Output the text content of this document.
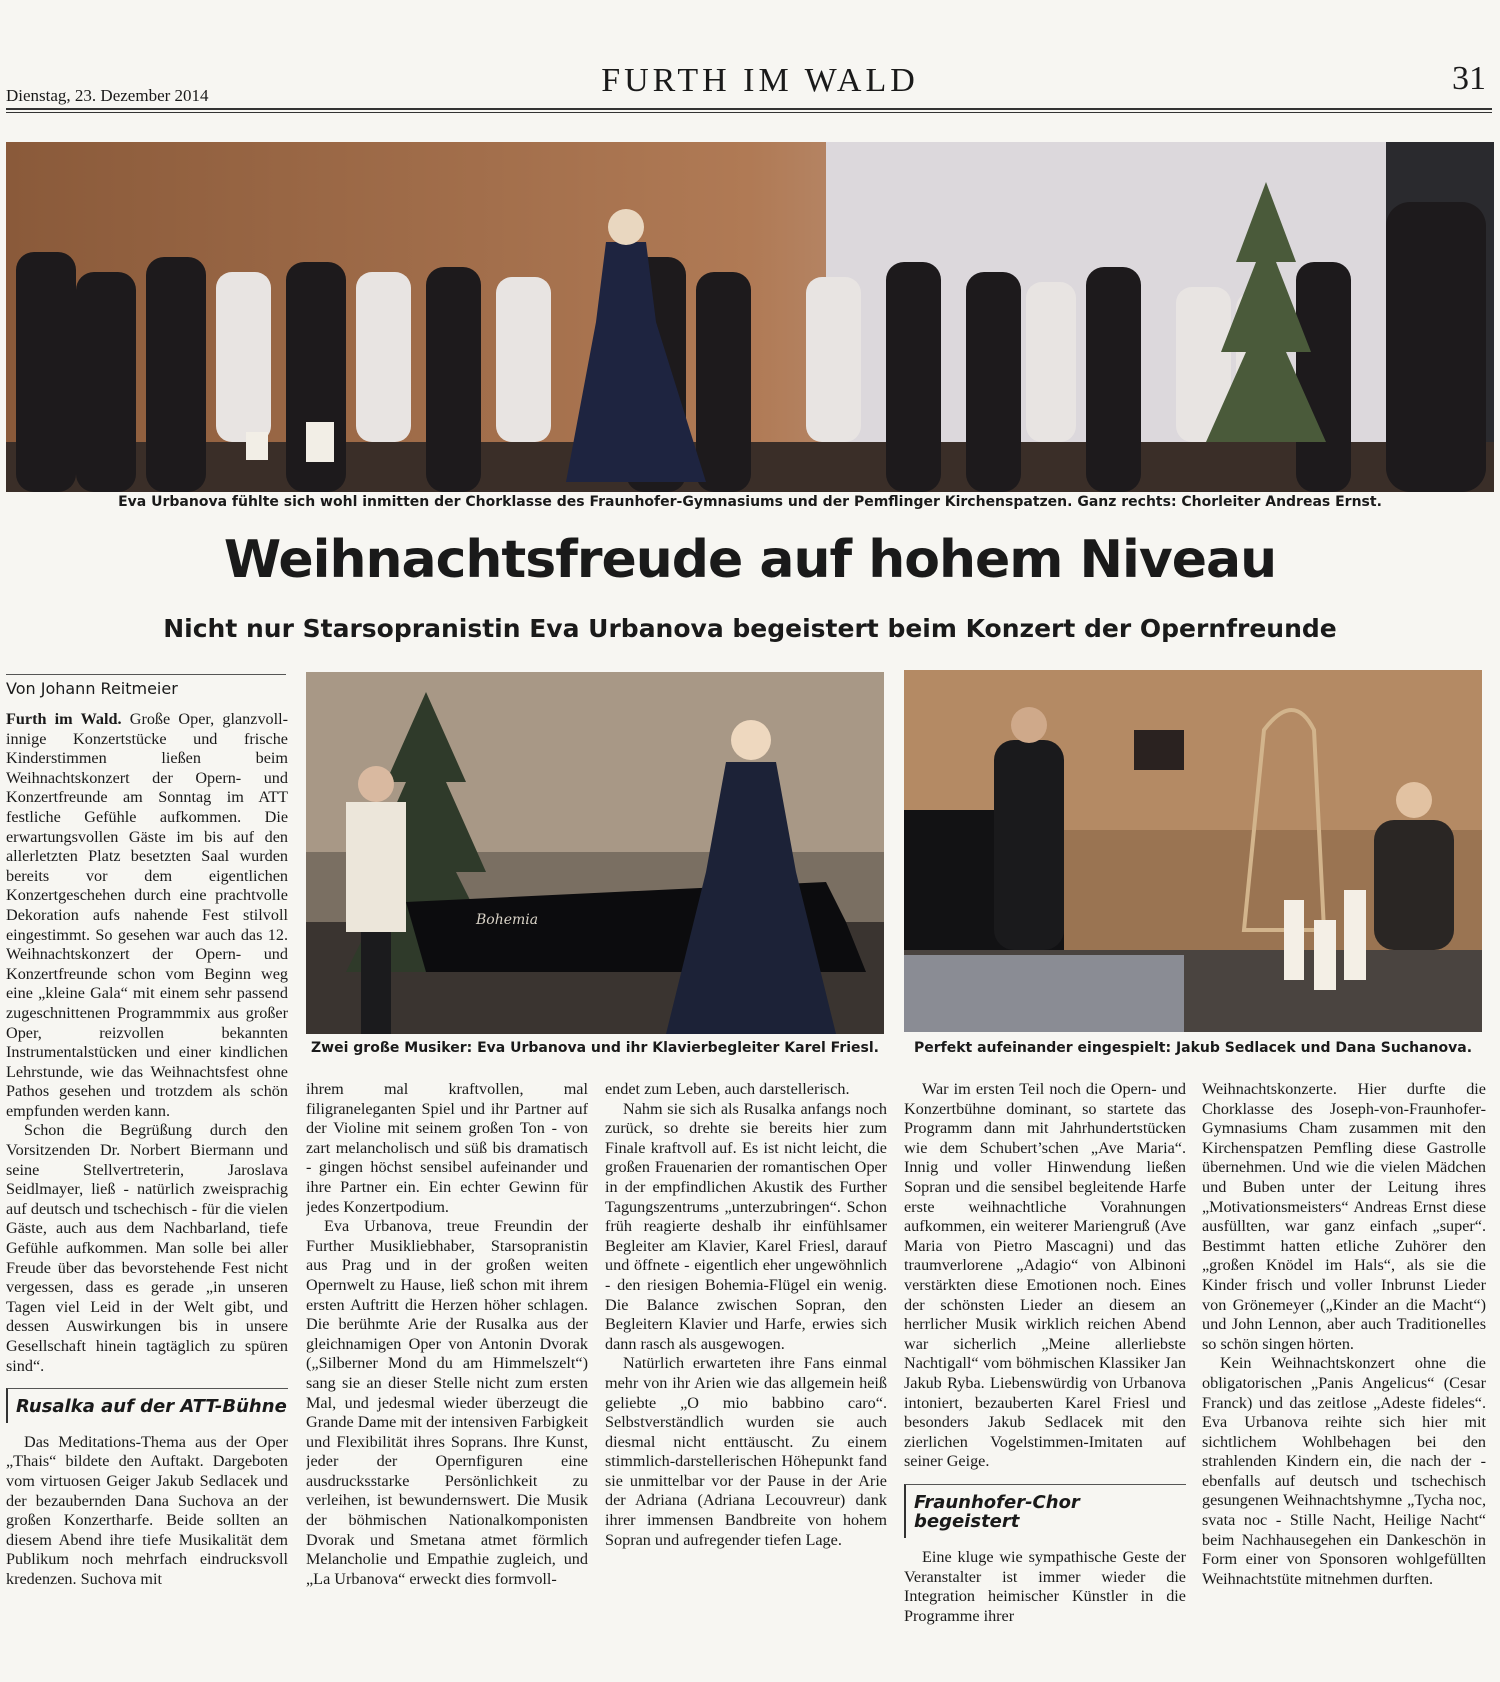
Dienstag, 23. Dezember 2014	FURTH IM WALD	31
Eva Urbanova fühlte sich wohl inmitten der Chorklasse des Fraunhofer-Gymnasiums und der Pemflinger Kirchenspatzen. Ganz rechts: Chorleiter Andreas Ernst.
Weihnachtsfreude auf hohem Niveau
Nicht nur Starsopranistin Eva Urbanova begeistert beim Konzert der Opernfreunde
Von Johann Reitmeier
Bohemia
Zwei große Musiker: Eva Urbanova und ihr Klavierbegleiter Karel Friesl.	Perfekt aufeinander eingespielt: Jakub Sedlacek und Dana Suchanova.

Furth im Wald. Große Oper, glanzvoll-innige Konzertstücke und frische Kinderstimmen ließen beim Weihnachtskonzert der Opern- und Konzertfreunde am Sonntag im ATT festliche Gefühle aufkommen. Die erwartungsvollen Gäste im bis auf den allerletzten Platz besetzten Saal wurden bereits vor dem eigentlichen Konzertgeschehen durch eine prachtvolle Dekoration aufs nahende Fest stilvoll eingestimmt. So gesehen war auch das 12. Weihnachtskonzert der Opern- und Konzertfreunde schon vom Beginn weg eine „kleine Gala“ mit einem sehr passend zugeschnittenen Programmmix aus großer Oper, reizvollen bekannten Instrumentalstücken und einer kindlichen Lehrstunde, wie das Weihnachtsfest ohne Pathos gesehen und trotzdem als schön empfunden werden kann.

Schon die Begrüßung durch den Vorsitzenden Dr. Norbert Biermann und seine Stellvertreterin, Jaroslava Seidlmayer, ließ - natürlich zweisprachig auf deutsch und tschechisch - für die vielen Gäste, auch aus dem Nachbarland, tiefe Gefühle aufkommen. Man solle bei aller Freude über das bevorstehende Fest nicht vergessen, dass es gerade „in unseren Tagen viel Leid in der Welt gibt, und dessen Auswirkungen bis in unsere Gesellschaft hinein tagtäglich zu spüren sind“.

Rusalka auf der ATT-Bühne

Das Meditations-Thema aus der Oper „Thais“ bildete den Auftakt. Dargeboten vom virtuosen Geiger Jakub Sedlacek und der bezaubernden Dana Suchova an der großen Konzertharfe. Beide sollten an diesem Abend ihre tiefe Musikalität dem Publikum noch mehrfach eindrucksvoll kredenzen. Suchova mit

ihrem mal kraftvollen, mal filigraneleganten Spiel und ihr Partner auf der Violine mit seinem großen Ton - von zart melancholisch und süß bis dramatisch - gingen höchst sensibel aufeinander und ihre Partner ein. Ein echter Gewinn für jedes Konzertpodium.

Eva Urbanova, treue Freundin der Further Musikliebhaber, Starsopranistin aus Prag und in der großen weiten Opernwelt zu Hause, ließ schon mit ihrem ersten Auftritt die Herzen höher schlagen. Die berühmte Arie der Rusalka aus der gleichnamigen Oper von Antonin Dvorak („Silberner Mond du am Himmelszelt“) sang sie an dieser Stelle nicht zum ersten Mal, und jedesmal wieder überzeugt die Grande Dame mit der intensiven Farbigkeit und Flexibilität ihres Soprans. Ihre Kunst, jeder der Opernfiguren eine ausdrucksstarke Persönlichkeit zu verleihen, ist bewundernswert. Die Musik der böhmischen Nationalkomponisten Dvorak und Smetana atmet förmlich Melancholie und Empathie zugleich, und „La Urbanova“ erweckt dies formvoll-

endet zum Leben, auch darstellerisch.

Nahm sie sich als Rusalka anfangs noch zurück, so drehte sie bereits hier zum Finale kraftvoll auf. Es ist nicht leicht, die großen Frauenarien der romantischen Oper in der empfindlichen Akustik des Further Tagungszentrums „unterzubringen“. Schon früh reagierte deshalb ihr einfühlsamer Begleiter am Klavier, Karel Friesl, darauf und öffnete - eigentlich eher ungewöhnlich - den riesigen Bohemia-Flügel ein wenig. Die Balance zwischen Sopran, den Begleitern Klavier und Harfe, erwies sich dann rasch als ausgewogen.

Natürlich erwarteten ihre Fans einmal mehr von ihr Arien wie das allgemein heiß geliebte „O mio babbino caro“. Selbstverständlich wurden sie auch diesmal nicht enttäuscht. Zu einem stimmlich-darstellerischen Höhepunkt fand sie unmittelbar vor der Pause in der Arie der Adriana (Adriana Lecouvreur) dank ihrer immensen Bandbreite von hohem Sopran und aufregender tiefen Lage.

War im ersten Teil noch die Opern- und Konzertbühne dominant, so startete das Programm dann mit Jahrhundertstücken wie dem Schubert’schen „Ave Maria“. Innig und voller Hinwendung ließen Sopran und die sensibel begleitende Harfe erste weihnachtliche Vorahnungen aufkommen, ein weiterer Mariengruß (Ave Maria von Pietro Mascagni) und das traumverlorene „Adagio“ von Albinoni verstärkten diese Emotionen noch. Eines der schönsten Lieder an diesem an herrlicher Musik wirklich reichen Abend war sicherlich „Meine allerliebste Nachtigall“ vom böhmischen Klassiker Jan Jakub Ryba. Liebenswürdig von Urbanova intoniert, bezauberten Karel Friesl und besonders Jakub Sedlacek mit den zierlichen Vogelstimmen-Imitaten auf seiner Geige.

Fraunhofer-Chor begeistert

Eine kluge wie sympathische Geste der Veranstalter ist immer wieder die Integration heimischer Künstler in die Programme ihrer

Weihnachtskonzerte. Hier durfte die Chorklasse des Joseph-von-Fraunhofer-Gymnasiums Cham zusammen mit den Kirchenspatzen Pemfling diese Gastrolle übernehmen. Und wie die vielen Mädchen und Buben unter der Leitung ihres „Motivationsmeisters“ Andreas Ernst diese ausfüllten, war ganz einfach „super“. Bestimmt hatten etliche Zuhörer den „großen Knödel im Hals“, als sie die Kinder frisch und voller Inbrunst Lieder von Grönemeyer („Kinder an die Macht“) und John Lennon, aber auch Traditionelles so schön singen hörten.

Kein Weihnachtskonzert ohne die obligatorischen „Panis Angelicus“ (Cesar Franck) und das zeitlose „Adeste fideles“. Eva Urbanova reihte sich hier mit sichtlichem Wohlbehagen bei den strahlenden Kindern ein, die nach der - ebenfalls auf deutsch und tschechisch gesungenen Weihnachtshymne „Tycha noc, svata noc - Stille Nacht, Heilige Nacht“ beim Nachhausegehen ein Dankeschön in Form einer von Sponsoren wohlgefüllten Weihnachtstüte mitnehmen durften.
